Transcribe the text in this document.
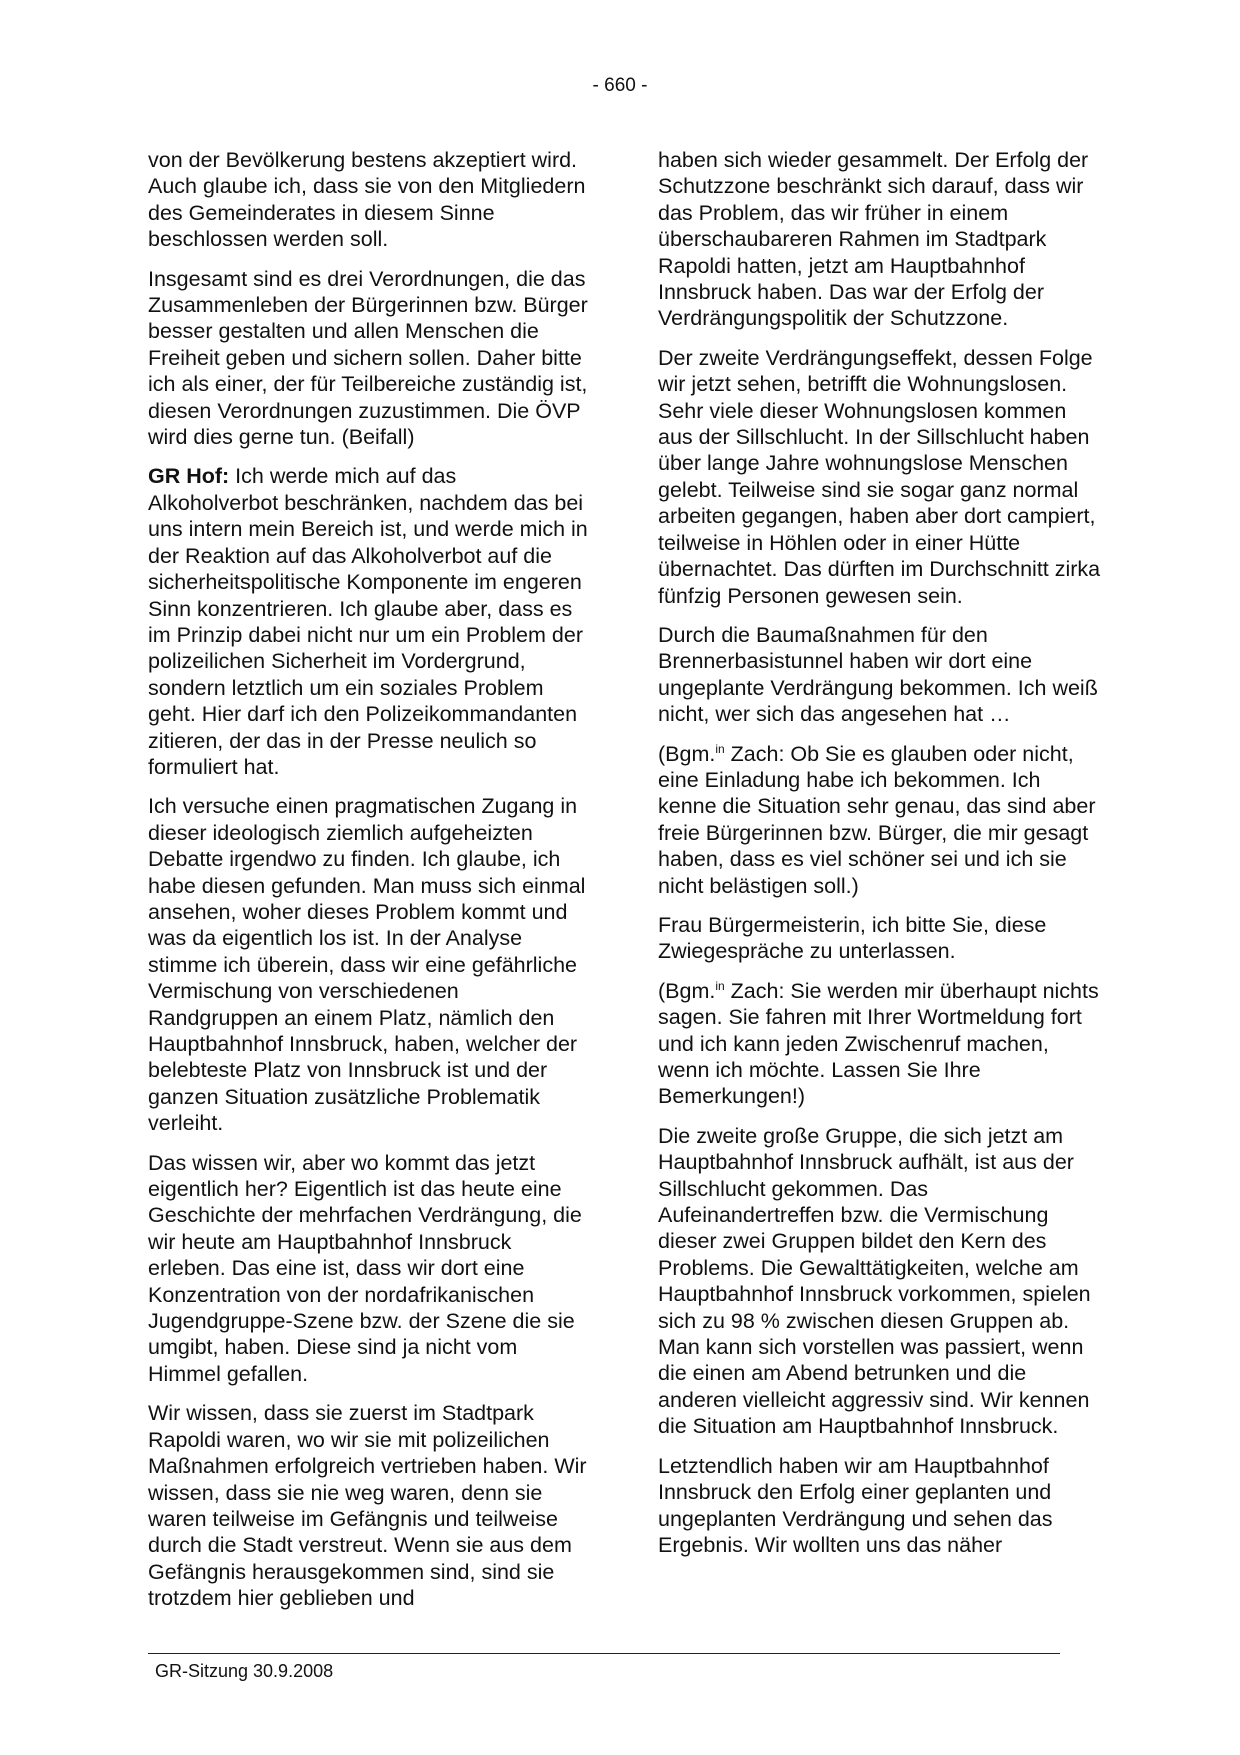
- 660 -

von der Bevölkerung bestens akzeptiert wird. Auch glaube ich, dass sie von den Mitgliedern des Gemeinderates in diesem Sinne beschlossen werden soll.

Insgesamt sind es drei Verordnungen, die das Zusammenleben der Bürgerinnen bzw. Bürger besser gestalten und allen Menschen die Freiheit geben und sichern sollen. Daher bitte ich als einer, der für Teilbereiche zuständig ist, diesen Verordnungen zuzustimmen. Die ÖVP wird dies gerne tun. (Beifall)

GR Hof: Ich werde mich auf das Alkoholverbot beschränken, nachdem das bei uns intern mein Bereich ist, und werde mich in der Reaktion auf das Alkoholverbot auf die sicherheitspolitische Komponente im engeren Sinn konzentrieren. Ich glaube aber, dass es im Prinzip dabei nicht nur um ein Problem der polizeilichen Sicherheit im Vordergrund, sondern letztlich um ein soziales Problem geht. Hier darf ich den Polizeikommandanten zitieren, der das in der Presse neulich so formuliert hat.

Ich versuche einen pragmatischen Zugang in dieser ideologisch ziemlich aufgeheizten Debatte irgendwo zu finden. Ich glaube, ich habe diesen gefunden. Man muss sich einmal ansehen, woher dieses Problem kommt und was da eigentlich los ist. In der Analyse stimme ich überein, dass wir eine gefährliche Vermischung von verschiedenen Randgruppen an einem Platz, nämlich den Hauptbahnhof Innsbruck, haben, welcher der belebteste Platz von Innsbruck ist und der ganzen Situation zusätzliche Problematik verleiht.

Das wissen wir, aber wo kommt das jetzt eigentlich her? Eigentlich ist das heute eine Geschichte der mehrfachen Verdrängung, die wir heute am Hauptbahnhof Innsbruck erleben. Das eine ist, dass wir dort eine Konzentration von der nordafrikanischen Jugendgruppe-Szene bzw. der Szene die sie umgibt, haben. Diese sind ja nicht vom Himmel gefallen.

Wir wissen, dass sie zuerst im Stadtpark Rapoldi waren, wo wir sie mit polizeilichen Maßnahmen erfolgreich vertrieben haben. Wir wissen, dass sie nie weg waren, denn sie waren teilweise im Gefängnis und teilweise durch die Stadt verstreut. Wenn sie aus dem Gefängnis herausgekommen sind, sind sie trotzdem hier geblieben und

haben sich wieder gesammelt. Der Erfolg der Schutzzone beschränkt sich darauf, dass wir das Problem, das wir früher in einem überschaubareren Rahmen im Stadtpark Rapoldi hatten, jetzt am Hauptbahnhof Innsbruck haben. Das war der Erfolg der Verdrängungspolitik der Schutzzone.

Der zweite Verdrängungseffekt, dessen Folge wir jetzt sehen, betrifft die Wohnungslosen. Sehr viele dieser Wohnungslosen kommen aus der Sillschlucht. In der Sillschlucht haben über lange Jahre wohnungslose Menschen gelebt. Teilweise sind sie sogar ganz normal arbeiten gegangen, haben aber dort campiert, teilweise in Höhlen oder in einer Hütte übernachtet. Das dürften im Durchschnitt zirka fünfzig Personen gewesen sein.

Durch die Baumaßnahmen für den Brennerbasistunnel haben wir dort eine ungeplante Verdrängung bekommen. Ich weiß nicht, wer sich das angesehen hat …

(Bgm.$^{in}$ Zach: Ob Sie es glauben oder nicht, eine Einladung habe ich bekommen. Ich kenne die Situation sehr genau, das sind aber freie Bürgerinnen bzw. Bürger, die mir gesagt haben, dass es viel schöner sei und ich sie nicht belästigen soll.)

Frau Bürgermeisterin, ich bitte Sie, diese Zwiegespräche zu unterlassen.

(Bgm.$^{in}$ Zach: Sie werden mir überhaupt nichts sagen. Sie fahren mit Ihrer Wortmeldung fort und ich kann jeden Zwischenruf machen, wenn ich möchte. Lassen Sie Ihre Bemerkungen!)

Die zweite große Gruppe, die sich jetzt am Hauptbahnhof Innsbruck aufhält, ist aus der Sillschlucht gekommen. Das Aufeinandertreffen bzw. die Vermischung dieser zwei Gruppen bildet den Kern des Problems. Die Gewalttätigkeiten, welche am Hauptbahnhof Innsbruck vorkommen, spielen sich zu 98 % zwischen diesen Gruppen ab. Man kann sich vorstellen was passiert, wenn die einen am Abend betrunken und die anderen vielleicht aggressiv sind. Wir kennen die Situation am Hauptbahnhof Innsbruck.

Letztendlich haben wir am Hauptbahnhof Innsbruck den Erfolg einer geplanten und ungeplanten Verdrängung und sehen das Ergebnis. Wir wollten uns das näher

GR-Sitzung 30.9.2008
